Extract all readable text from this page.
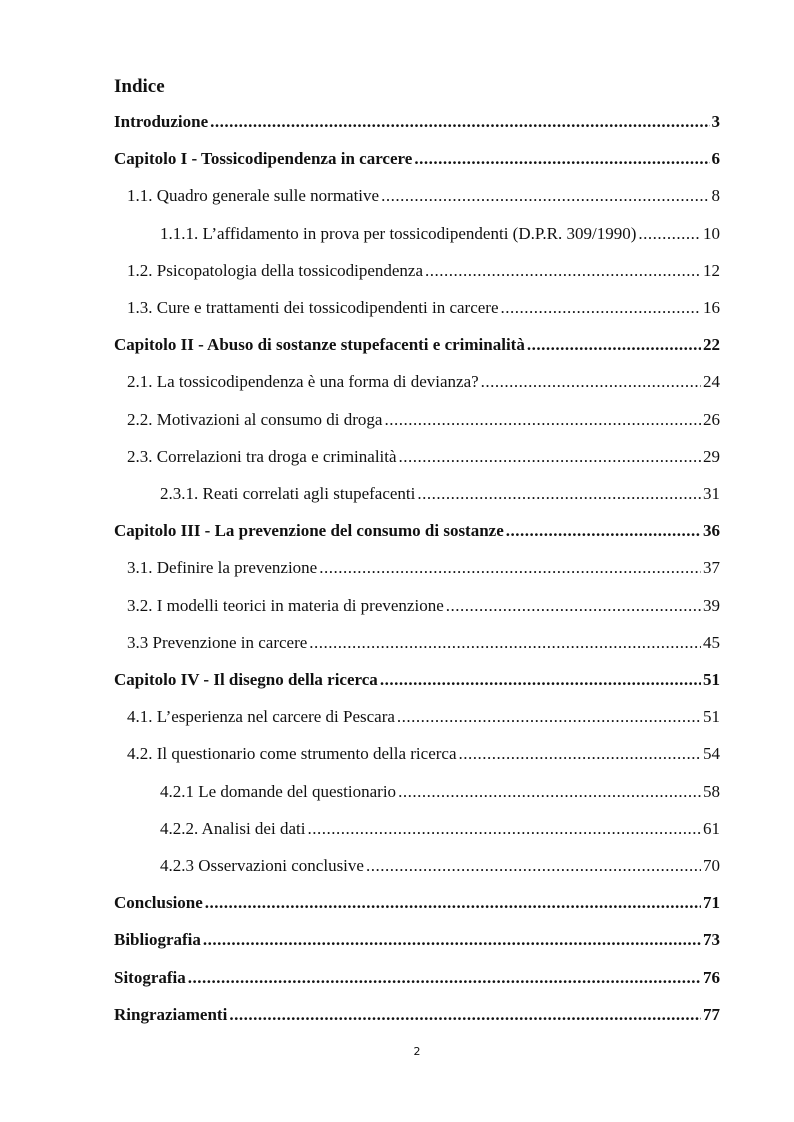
Indice
Introduzione .....	3
Capitolo I - Tossicodipendenza in carcere .....	6
1.1. Quadro generale sulle normative .....	8
1.1.1. L’affidamento in prova per tossicodipendenti (D.P.R. 309/1990) .....	10
1.2. Psicopatologia della tossicodipendenza .....	12
1.3. Cure e trattamenti dei tossicodipendenti in carcere .....	16
Capitolo II - Abuso di sostanze stupefacenti e criminalità .....	22
2.1. La tossicodipendenza è una forma di devianza? .....	24
2.2. Motivazioni al consumo di droga .....	26
2.3. Correlazioni tra droga e criminalità .....	29
2.3.1. Reati correlati agli stupefacenti .....	31
Capitolo III - La prevenzione del consumo di sostanze .....	36
3.1. Definire la prevenzione .....	37
3.2. I modelli teorici in materia di prevenzione .....	39
3.3 Prevenzione in carcere .....	45
Capitolo IV - Il disegno della ricerca .....	51
4.1. L’esperienza nel carcere di Pescara .....	51
4.2. Il questionario come strumento della ricerca .....	54
4.2.1 Le domande del questionario .....	58
4.2.2. Analisi dei dati .....	61
4.2.3 Osservazioni conclusive .....	70
Conclusione .....	71
Bibliografia .....	73
Sitografia .....	76
Ringraziamenti .....	77
2
